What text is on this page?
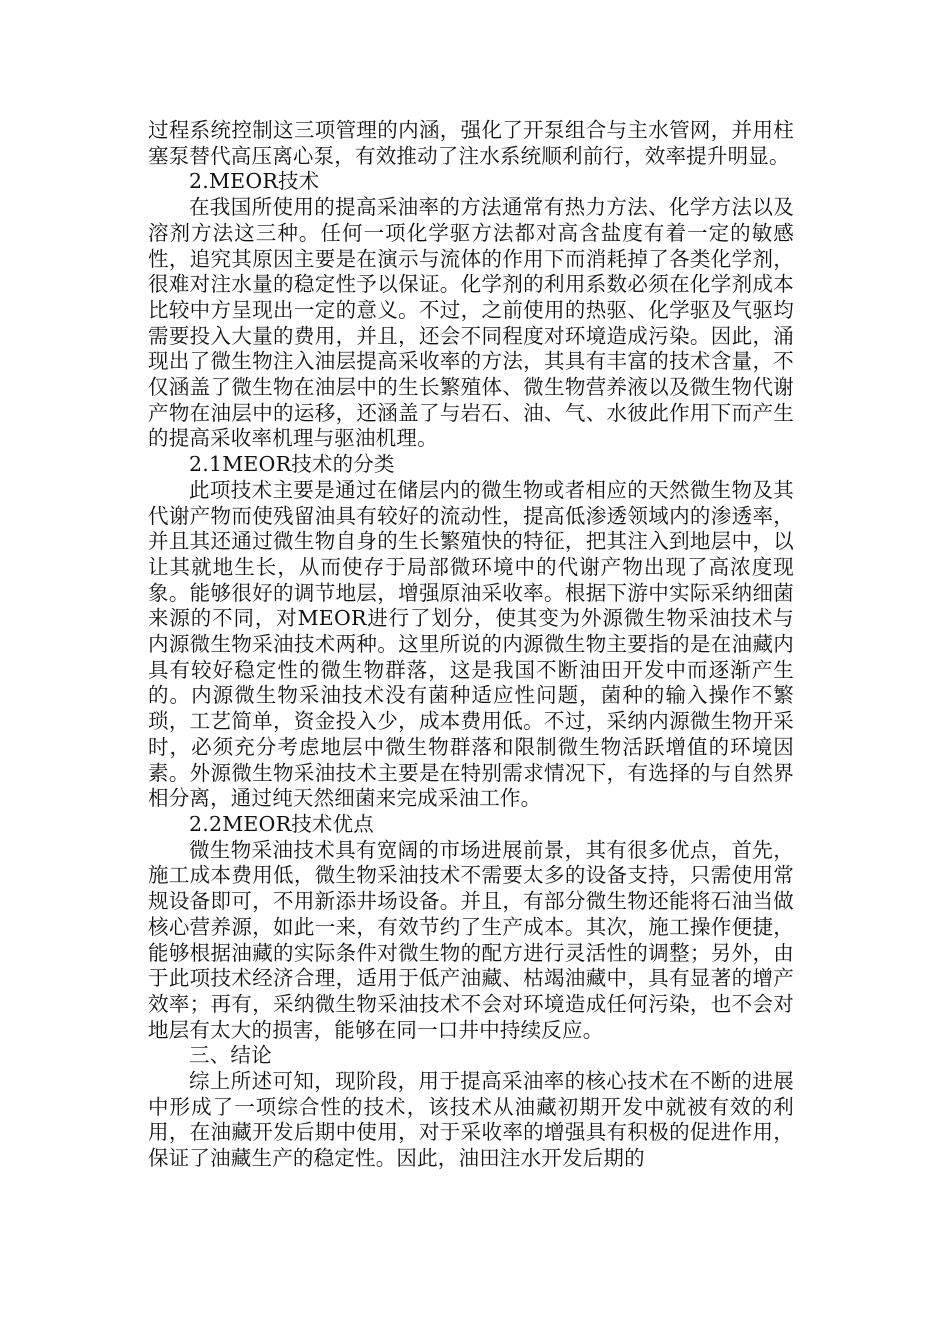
过程系统控制这三项管理的内涵，强化了开泵组合与主水管网，并用柱塞泵替代高压离心泵，有效推动了注水系统顺利前行，效率提升明显。

2.MEOR技术

在我国所使用的提高采油率的方法通常有热力方法、化学方法以及溶剂方法这三种。任何一项化学驱方法都对高含盐度有着一定的敏感性，追究其原因主要是在演示与流体的作用下而消耗掉了各类化学剂，很难对注水量的稳定性予以保证。化学剂的利用系数必须在化学剂成本比较中方呈现出一定的意义。不过，之前使用的热驱、化学驱及气驱均需要投入大量的费用，并且，还会不同程度对环境造成污染。因此，涌现出了微生物注入油层提高采收率的方法，其具有丰富的技术含量，不仅涵盖了微生物在油层中的生长繁殖体、微生物营养液以及微生物代谢产物在油层中的运移，还涵盖了与岩石、油、气、水彼此作用下而产生的提高采收率机理与驱油机理。

2.1MEOR技术的分类

此项技术主要是通过在储层内的微生物或者相应的天然微生物及其代谢产物而使残留油具有较好的流动性，提高低渗透领域内的渗透率，并且其还通过微生物自身的生长繁殖快的特征，把其注入到地层中，以让其就地生长，从而使存于局部微环境中的代谢产物出现了高浓度现象。能够很好的调节地层，增强原油采收率。根据下游中实际采纳细菌来源的不同，对MEOR进行了划分，使其变为外源微生物采油技术与内源微生物采油技术两种。这里所说的内源微生物主要指的是在油藏内具有较好稳定性的微生物群落，这是我国不断油田开发中而逐渐产生的。内源微生物采油技术没有菌种适应性问题，菌种的输入操作不繁琐，工艺简单，资金投入少，成本费用低。不过，采纳内源微生物开采时，必须充分考虑地层中微生物群落和限制微生物活跃增值的环境因素。外源微生物采油技术主要是在特别需求情况下，有选择的与自然界相分离，通过纯天然细菌来完成采油工作。

2.2MEOR技术优点

微生物采油技术具有宽阔的市场进展前景，其有很多优点，首先，施工成本费用低，微生物采油技术不需要太多的设备支持，只需使用常规设备即可，不用新添井场设备。并且，有部分微生物还能将石油当做核心营养源，如此一来，有效节约了生产成本。其次，施工操作便捷，能够根据油藏的实际条件对微生物的配方进行灵活性的调整；另外，由于此项技术经济合理，适用于低产油藏、枯竭油藏中，具有显著的增产效率；再有，采纳微生物采油技术不会对环境造成任何污染，也不会对地层有太大的损害，能够在同一口井中持续反应。

三、结论

综上所述可知，现阶段，用于提高采油率的核心技术在不断的进展中形成了一项综合性的技术，该技术从油藏初期开发中就被有效的利用，在油藏开发后期中使用，对于采收率的增强具有积极的促进作用，保证了油藏生产的稳定性。因此，油田注水开发后期的
